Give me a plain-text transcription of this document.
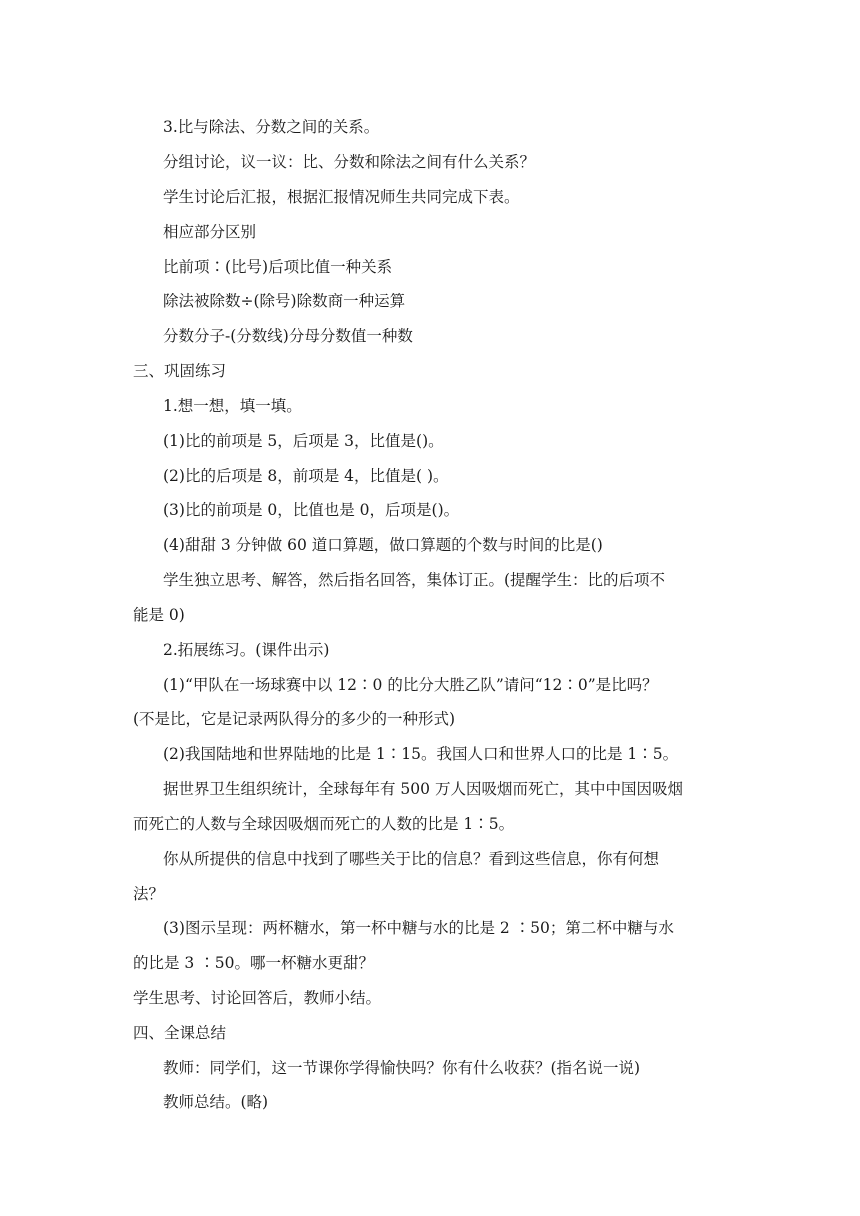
3.比与除法、分数之间的关系。
分组讨论，议一议：比、分数和除法之间有什么关系？
学生讨论后汇报，根据汇报情况师生共同完成下表。
相应部分区别
比前项∶(比号)后项比值一种关系
除法被除数÷(除号)除数商一种运算
分数分子-(分数线)分母分数值一种数
三、巩固练习
1.想一想，填一填。
(1)比的前项是 5，后项是 3，比值是()。
(2)比的后项是 8，前项是 4，比值是( )。
(3)比的前项是 0，比值也是 0，后项是()。
(4)甜甜 3 分钟做 60 道口算题，做口算题的个数与时间的比是()
学生独立思考、解答，然后指名回答，集体订正。(提醒学生：比的后项不
能是 0)
2.拓展练习。(课件出示)
(1)“甲队在一场球赛中以 12∶0 的比分大胜乙队”请问“12∶0”是比吗？
(不是比，它是记录两队得分的多少的一种形式)
(2)我国陆地和世界陆地的比是 1∶15。我国人口和世界人口的比是 1∶5。
据世界卫生组织统计，全球每年有 500 万人因吸烟而死亡，其中中国因吸烟
而死亡的人数与全球因吸烟而死亡的人数的比是 1∶5。
你从所提供的信息中找到了哪些关于比的信息？看到这些信息，你有何想
法？
(3)图示呈现：两杯糖水，第一杯中糖与水的比是 2 ∶50；第二杯中糖与水
的比是 3 ∶50。哪一杯糖水更甜？
学生思考、讨论回答后，教师小结。
四、全课总结
教师：同学们，这一节课你学得愉快吗？你有什么收获？(指名说一说)
教师总结。(略)
